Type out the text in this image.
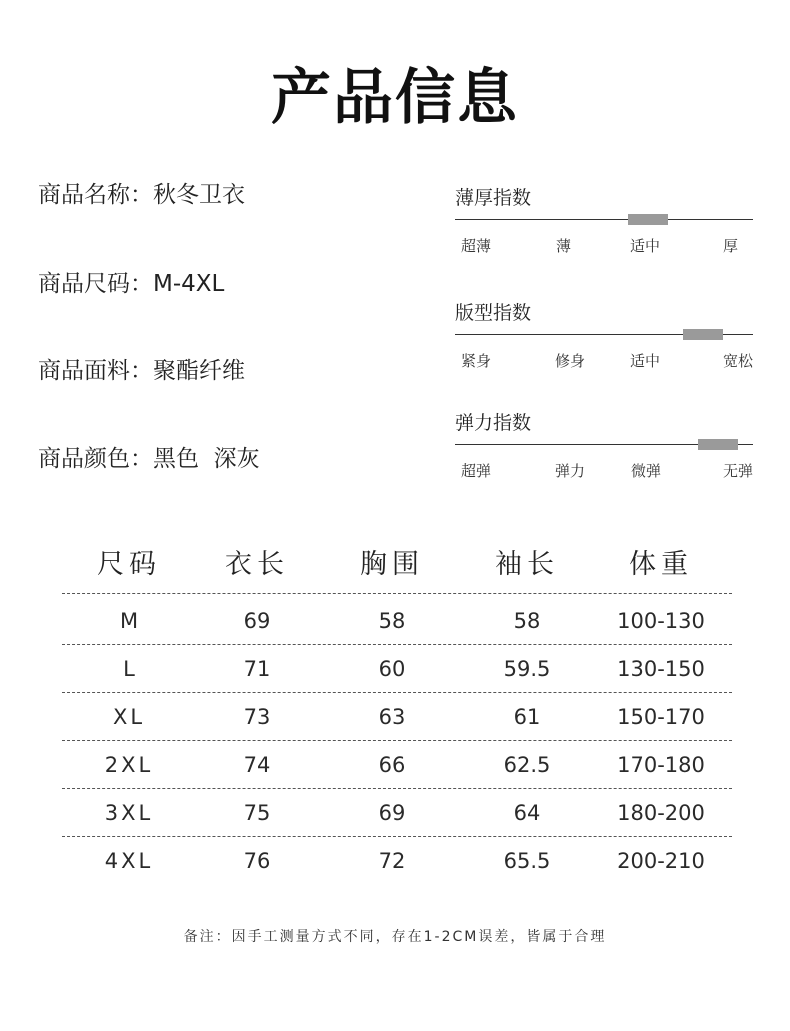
产品信息
商品名称：秋冬卫衣
商品尺码：M-4XL
商品面料：聚酯纤维
商品颜色：黑色  深灰
薄厚指数
超薄	薄	适中	厚
版型指数
紧身	修身	适中	宽松
弹力指数
超弹	弹力	微弹	无弹
尺码	衣长	胸围	袖长	体重
M	69	58	58	100-130
L	71	60	59.5	130-150
XL	73	63	61	150-170
2XL	74	66	62.5	170-180
3XL	75	69	64	180-200
4XL	76	72	65.5	200-210
备注：因手工测量方式不同，存在1-2CM误差，皆属于合理
